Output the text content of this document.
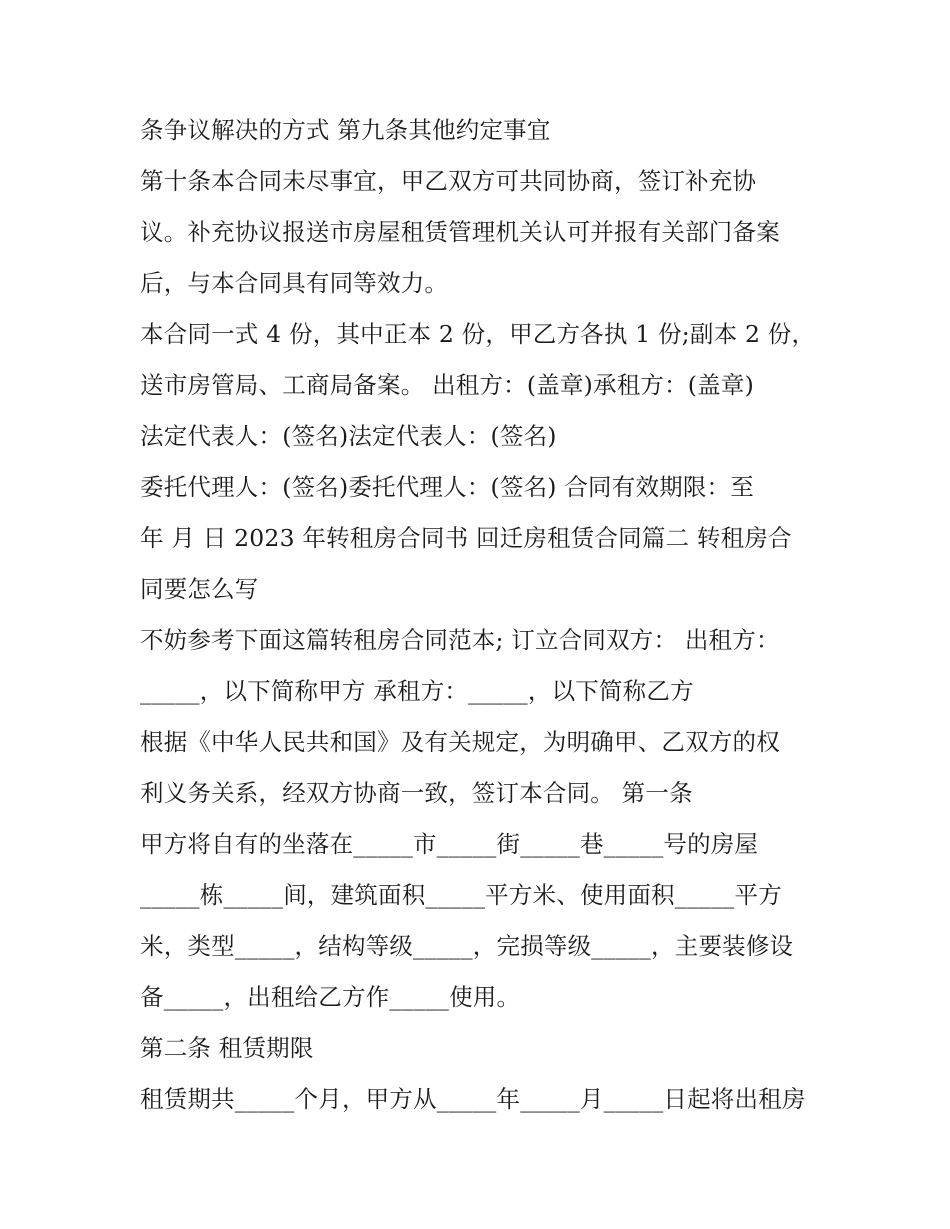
条争议解决的方式 第九条其他约定事宜
第十条本合同未尽事宜，甲乙双方可共同协商，签订补充协
议。补充协议报送市房屋租赁管理机关认可并报有关部门备案
后，与本合同具有同等效力。
本合同一式 4 份，其中正本 2 份，甲乙方各执 1 份;副本 2 份，
送市房管局、工商局备案。 出租方：(盖章)承租方：(盖章)
法定代表人：(签名)法定代表人：(签名)
委托代理人：(签名)委托代理人：(签名) 合同有效期限：至
年 月 日 2023 年转租房合同书 回迁房租赁合同篇二 转租房合
同要怎么写
不妨参考下面这篇转租房合同范本; 订立合同双方： 出租方：
_____，以下简称甲方 承租方：_____，以下简称乙方
根据《中华人民共和国》及有关规定，为明确甲、乙双方的权
利义务关系，经双方协商一致，签订本合同。 第一条
甲方将自有的坐落在_____市_____街_____巷_____号的房屋
_____栋_____间，建筑面积_____平方米、使用面积_____平方
米，类型_____，结构等级_____，完损等级_____，主要装修设
备_____，出租给乙方作_____使用。
第二条 租赁期限
租赁期共_____个月，甲方从_____年_____月_____日起将出租房
